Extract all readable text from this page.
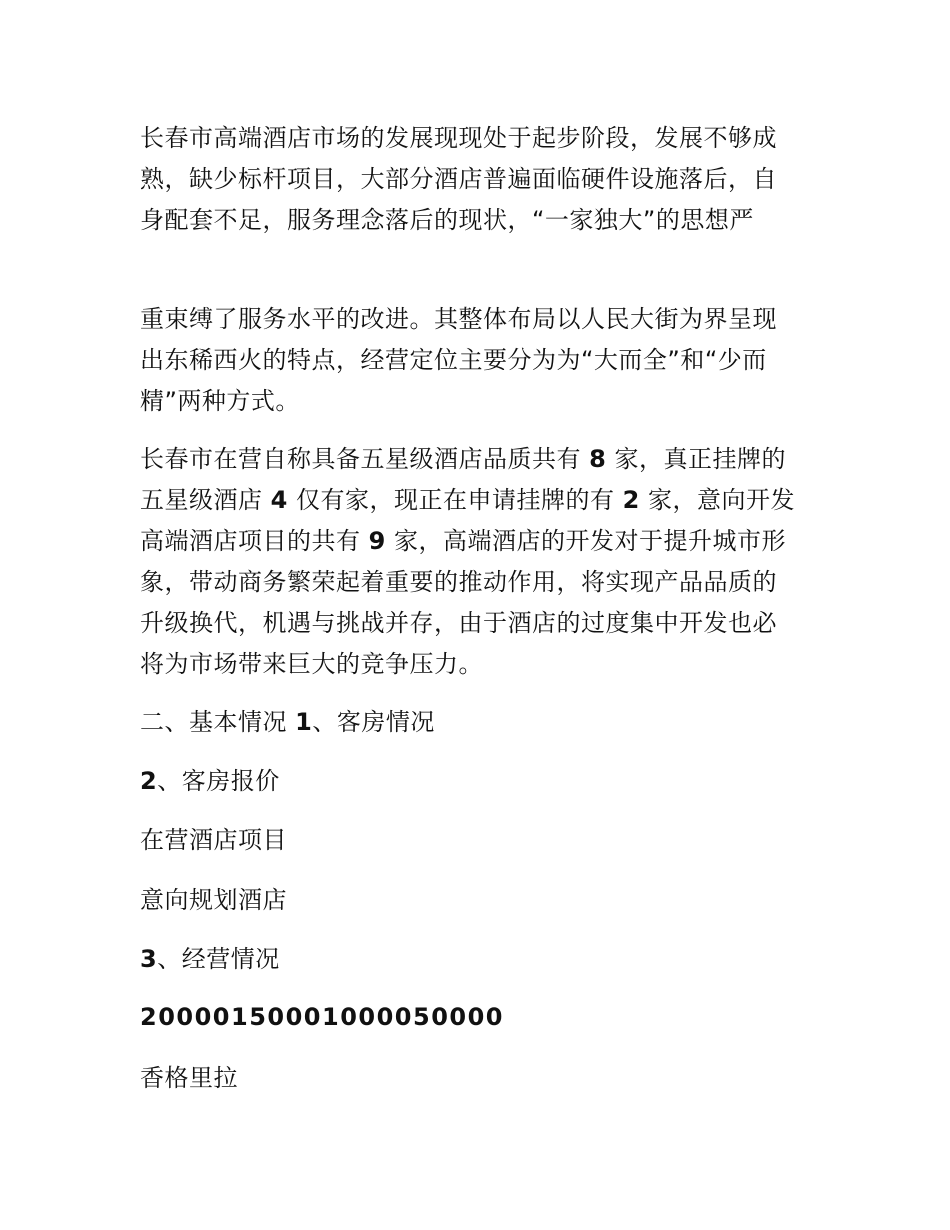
长春市高端酒店市场的发展现现处于起步阶段，发展不够成熟，缺少标杆项目，大部分酒店普遍面临硬件设施落后，自身配套不足，服务理念落后的现状，“一家独大”的思想严

重束缚了服务水平的改进。其整体布局以人民大街为界呈现出东稀西火的特点，经营定位主要分为为“大而全”和“少而精”两种方式。

长春市在营自称具备五星级酒店品质共有 8 家，真正挂牌的五星级酒店 4 仅有家，现正在申请挂牌的有 2 家，意向开发高端酒店项目的共有 9 家，高端酒店的开发对于提升城市形象，带动商务繁荣起着重要的推动作用，将实现产品品质的升级换代，机遇与挑战并存，由于酒店的过度集中开发也必将为市场带来巨大的竞争压力。

二、基本情况 1、客房情况

2、客房报价

在营酒店项目

意向规划酒店

3、经营情况

20000150001000050000

香格里拉
